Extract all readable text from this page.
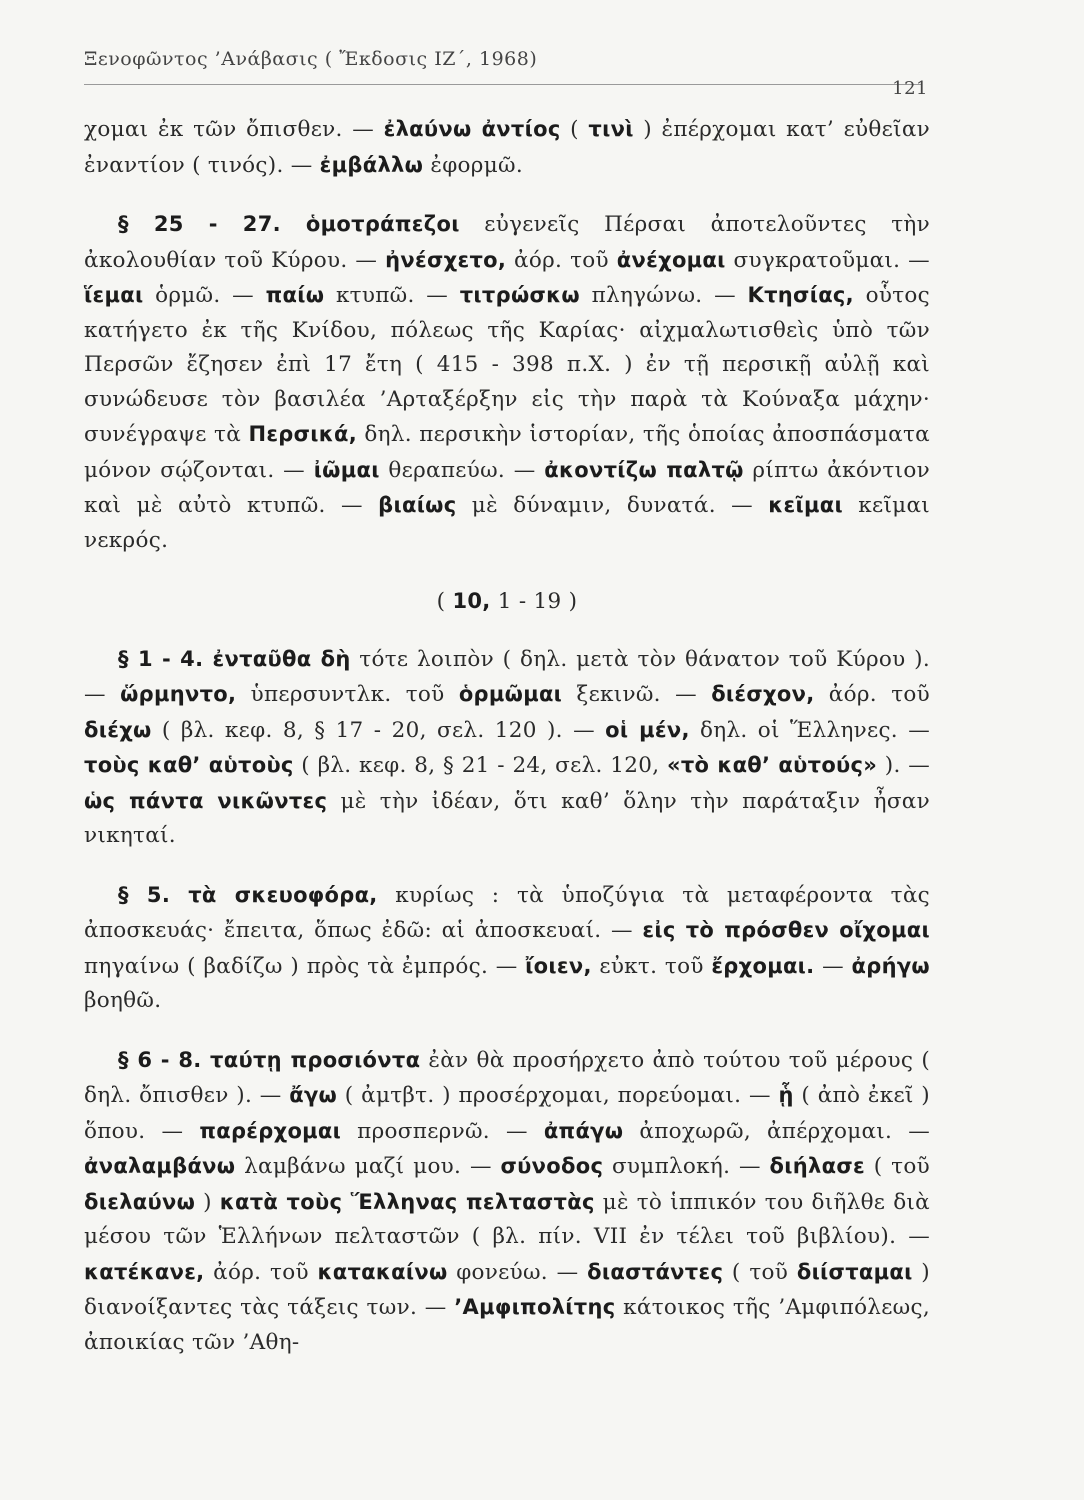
Ξενοφῶντος ’Ανάβασις ( Ἔκδοσις ΙΖ΄, 1968)
121

χομαι ἐκ τῶν ὄπισθεν. — ἐλαύνω ἀντίος ( τινὶ ) ἐπέρχομαι κατ’ εὐθεῖαν ἐναντίον ( τινός). — ἐμβάλλω ἐφορμῶ.

§ 25 - 27. ὁμοτράπεζοι εὐγενεῖς Πέρσαι ἀποτελοῦντες τὴν ἀκολουθίαν τοῦ Κύρου. — ἠνέσχετο, ἀόρ. τοῦ ἀνέχομαι συγκρατοῦμαι. — ἵεμαι ὁρμῶ. — παίω κτυπῶ. — τιτρώσκω πληγώνω. — Κτησίας, οὗτος κατήγετο ἐκ τῆς Κνίδου, πόλεως τῆς Καρίας· αἰχμαλωτισθεὶς ὑπὸ τῶν Περσῶν ἔζησεν ἐπὶ 17 ἔτη ( 415 - 398 π.Χ. ) ἐν τῇ περσικῇ αὐλῇ καὶ συνώδευσε τὸν βασιλέα ’Αρταξέρξην εἰς τὴν παρὰ τὰ Κούναξα μάχην· συνέγραψε τὰ Περσικά, δηλ. περσικὴν ἱστορίαν, τῆς ὁποίας ἀποσπάσματα μόνον σῴζονται. — ἰῶμαι θεραπεύω. — ἀκοντίζω παλτῷ ρίπτω ἀκόντιον καὶ μὲ αὐτὸ κτυπῶ. — βιαίως μὲ δύναμιν, δυνατά. — κεῖμαι κεῖμαι νεκρός.

( 10, 1 - 19 )

§ 1 - 4. ἐνταῦθα δὴ τότε λοιπὸν ( δηλ. μετὰ τὸν θάνατον τοῦ Κύρου ). — ὥρμηντο, ὑπερσυντλκ. τοῦ ὁρμῶμαι ξεκινῶ. — διέσχον, ἀόρ. τοῦ διέχω ( βλ. κεφ. 8, § 17 - 20, σελ. 120 ). — οἱ μέν, δηλ. οἱ Ἕλληνες. — τοὺς καθ’ αὑτοὺς ( βλ. κεφ. 8, § 21 - 24, σελ. 120, «τὸ καθ’ αὑτούς» ). — ὡς πάντα νικῶντες μὲ τὴν ἰδέαν, ὅτι καθ’ ὅλην τὴν παράταξιν ἦσαν νικηταί.

§ 5. τὰ σκευοφόρα, κυρίως : τὰ ὑποζύγια τὰ μεταφέροντα τὰς ἀποσκευάς· ἔπειτα, ὅπως ἐδῶ: αἱ ἀποσκευαί. — εἰς τὸ πρόσθεν οἴχομαι πηγαίνω ( βαδίζω ) πρὸς τὰ ἐμπρός. — ἴοιεν, εὐκτ. τοῦ ἔρχομαι. — ἀρήγω βοηθῶ.

§ 6 - 8. ταύτῃ προσιόντα ἐὰν θὰ προσήρχετο ἀπὸ τούτου τοῦ μέρους ( δηλ. ὄπισθεν ). — ἄγω ( ἀμτβτ. ) προσέρχομαι, πορεύομαι. — ᾗ ( ἀπὸ ἐκεῖ ) ὅπου. — παρέρχομαι προσπερνῶ. — ἀπάγω ἀποχωρῶ, ἀπέρχομαι. — ἀναλαμβάνω λαμβάνω μαζί μου. — σύνοδος συμπλοκή. — διήλασε ( τοῦ διελαύνω ) κατὰ τοὺς Ἕλληνας πελταστὰς μὲ τὸ ἱππικόν του διῆλθε διὰ μέσου τῶν Ἑλλήνων πελταστῶν ( βλ. πίν. VII ἐν τέλει τοῦ βιβλίου). — κατέκανε, ἀόρ. τοῦ κατακαίνω φονεύω. — διαστάντες ( τοῦ διίσταμαι ) διανοίξαντες τὰς τάξεις των. — ’Αμφιπολίτης κάτοικος τῆς ’Αμφιπόλεως, ἀποικίας τῶν ’Αθη-
